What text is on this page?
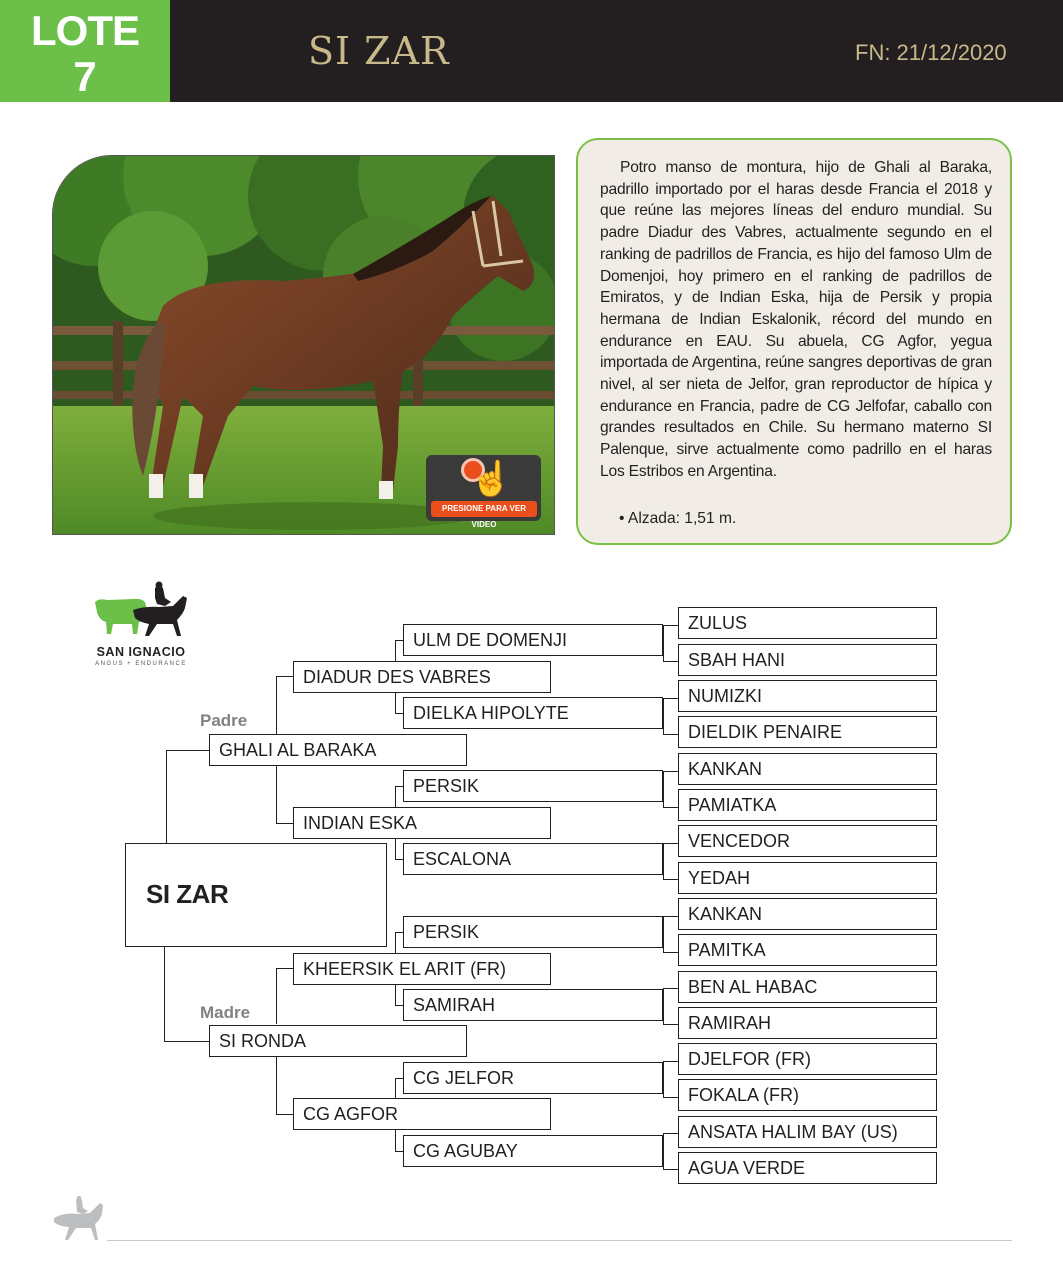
LOTE
7
SI ZAR	FN: 21/12/2020
☝
PRESIONE PARA VER VIDEO
Potro manso de montura, hijo de Ghali al Baraka, padrillo importado por el haras desde Francia el 2018 y que reúne las mejores líneas del enduro mundial. Su padre Diadur des Vabres, actualmente segundo en el ranking de padrillos de Francia, es hijo del famoso Ulm de Domenjoi, hoy primero en el ranking de padrillos de Emiratos, y de Indian Eska, hija de Persik y propia hermana de Indian Eskalonik, récord del mundo en endurance en EAU. Su abuela, CG Agfor, yegua importada de Argentina, reúne sangres deportivas de gran nivel, al ser nieta de Jelfor, gran reproductor de hípica y endurance en Francia, padre de CG Jelfofar, caballo con grandes resultados en Chile. Su hermano materno SI Palenque, sirve actualmente como padrillo en el haras Los Estribos en Argentina.
• Alzada: 1,51 m.
SAN IGNACIO
ANGUS + ENDURANCE
Padre
Madre
SI ZAR
GHALI AL BARAKA
SI RONDA
DIADUR DES VABRES
INDIAN ESKA
KHEERSIK EL ARIT (FR)
CG AGFOR
ULM DE DOMENJI
DIELKA HIPOLYTE
PERSIK
ESCALONA
PERSIK
SAMIRAH
CG JELFOR
CG AGUBAY
ZULUS
SBAH HANI
NUMIZKI
DIELDIK PENAIRE
KANKAN
PAMIATKA
VENCEDOR
YEDAH
KANKAN
PAMITKA
BEN AL HABAC
RAMIRAH
DJELFOR (FR)
FOKALA (FR)
ANSATA HALIM BAY (US)
AGUA VERDE
